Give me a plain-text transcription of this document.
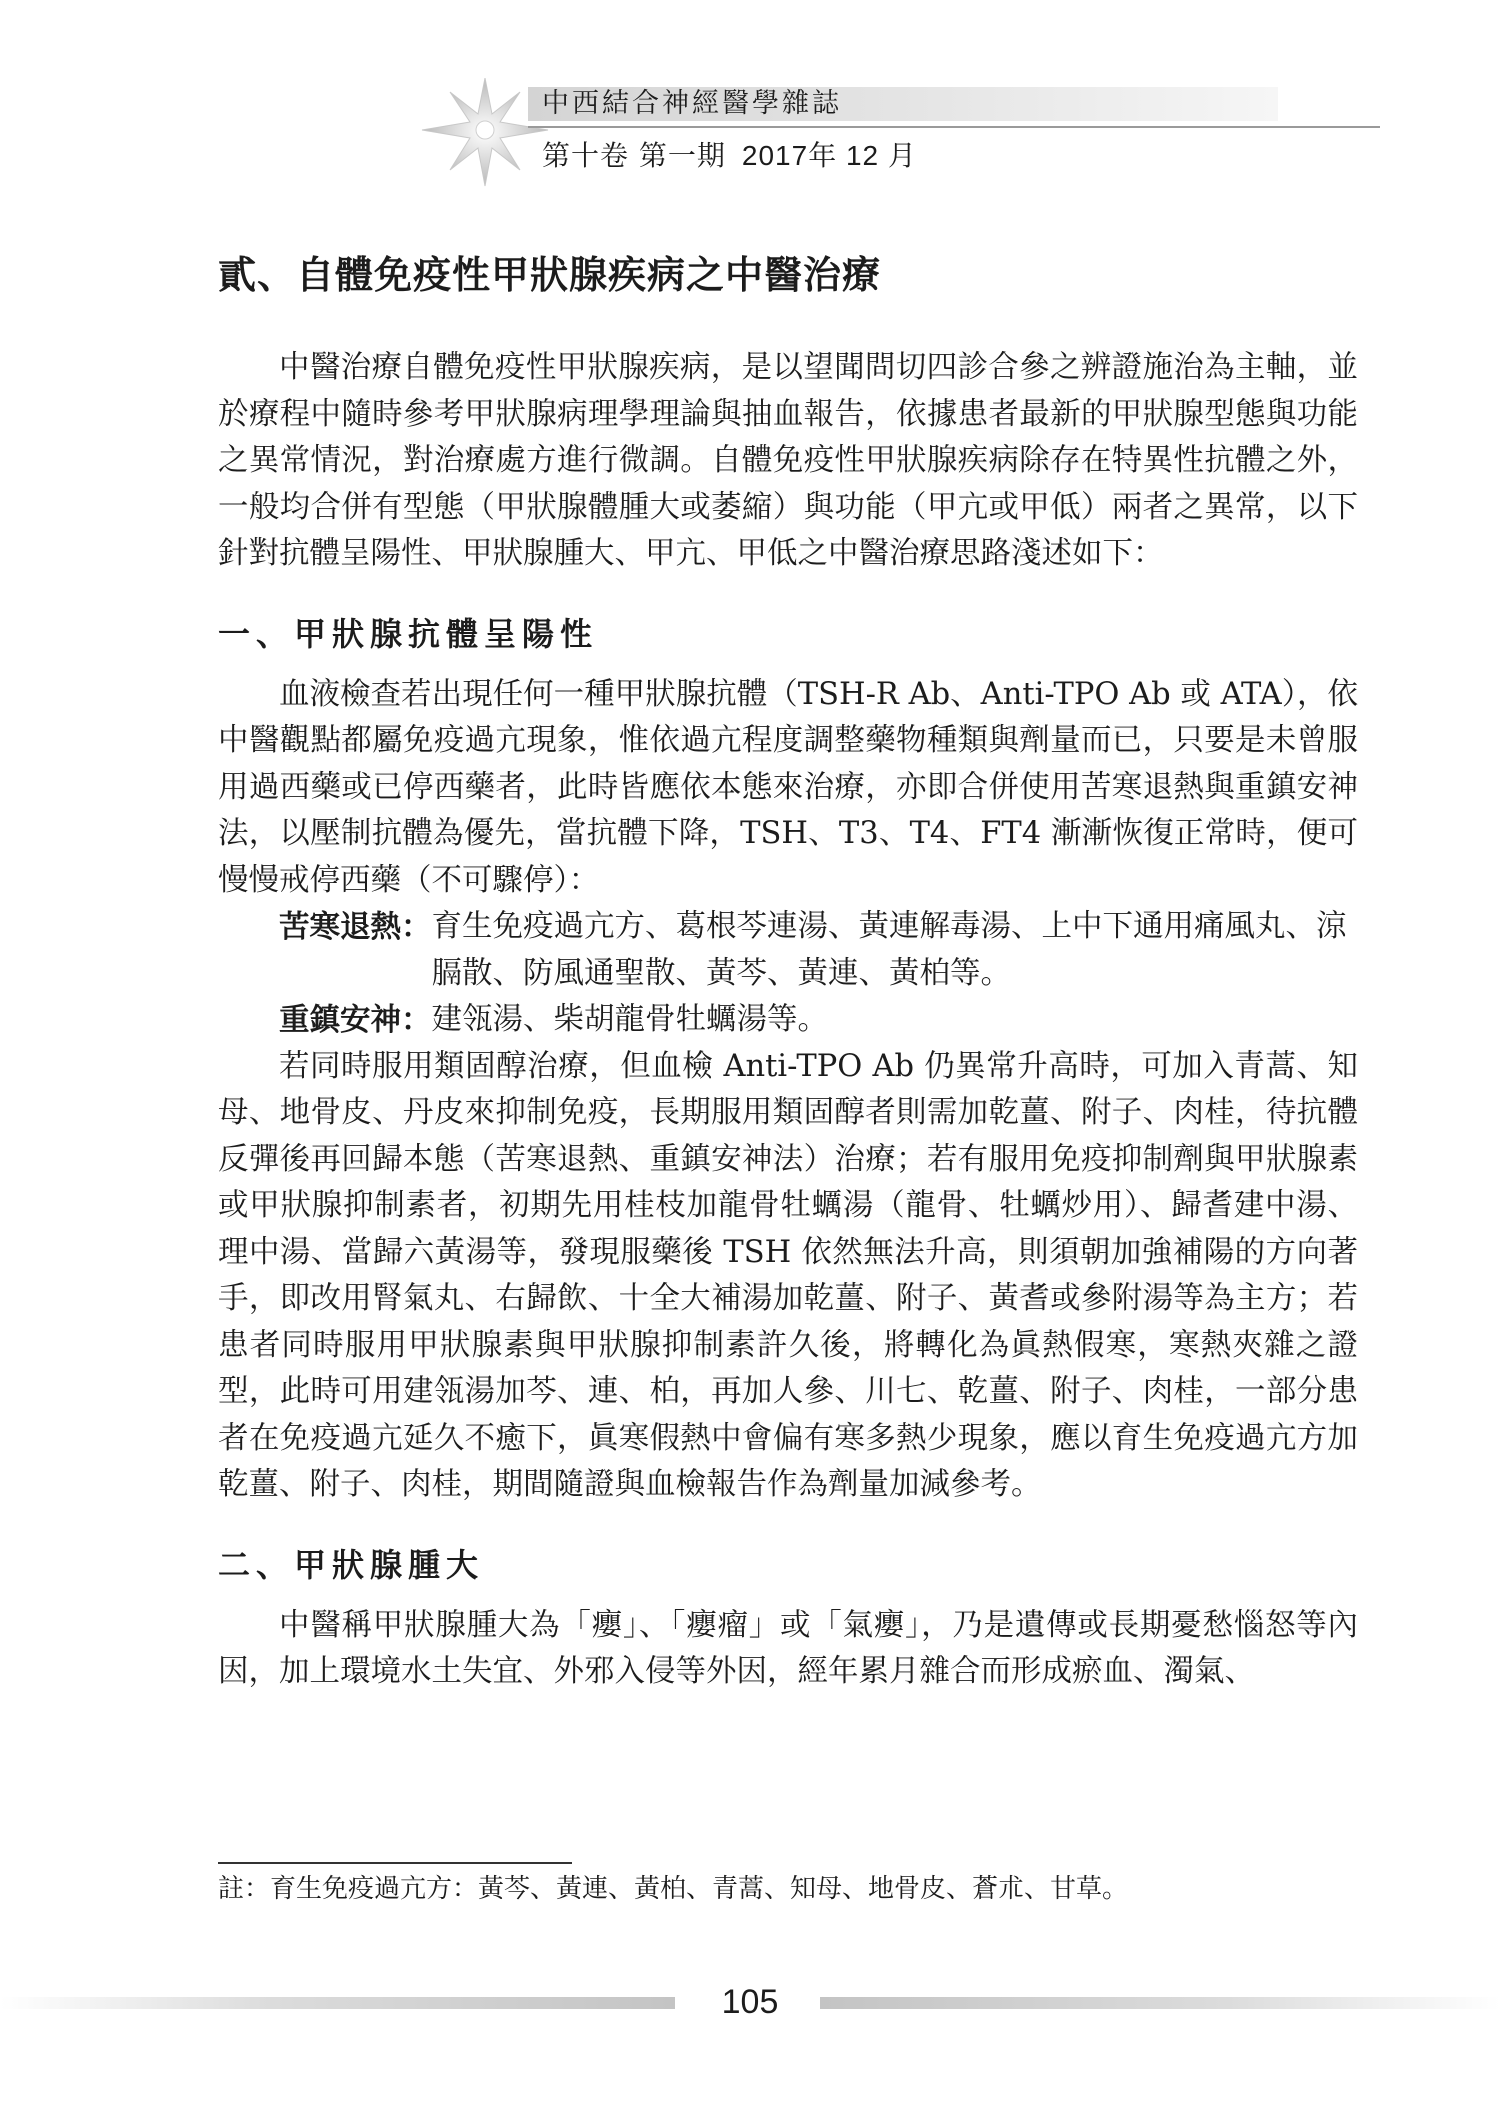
中西結合神經醫學雜誌
第十卷 第一期 2017年 12 月
貳、自體免疫性甲狀腺疾病之中醫治療

中醫治療自體免疫性甲狀腺疾病，是以望聞問切四診合參之辨證施治為主軸，並於療程中隨時參考甲狀腺病理學理論與抽血報告，依據患者最新的甲狀腺型態與功能之異常情況，對治療處方進行微調。自體免疫性甲狀腺疾病除存在特異性抗體之外，一般均合併有型態（甲狀腺體腫大或萎縮）與功能（甲亢或甲低）兩者之異常，以下針對抗體呈陽性、甲狀腺腫大、甲亢、甲低之中醫治療思路淺述如下：

一、甲狀腺抗體呈陽性

血液檢查若出現任何一種甲狀腺抗體（TSH-R Ab、Anti-TPO Ab 或 ATA），依中醫觀點都屬免疫過亢現象，惟依過亢程度調整藥物種類與劑量而已，只要是未曾服用過西藥或已停西藥者，此時皆應依本態來治療，亦即合併使用苦寒退熱與重鎮安神法，以壓制抗體為優先，當抗體下降，TSH、T3、T4、FT4 漸漸恢復正常時，便可慢慢戒停西藥（不可驟停）：

苦寒退熱： 育生免疫過亢方、葛根芩連湯、黃連解毒湯、上中下通用痛風丸、涼膈散、防風通聖散、黃芩、黃連、黃柏等。
重鎮安神： 建瓴湯、柴胡龍骨牡蠣湯等。

若同時服用類固醇治療，但血檢 Anti-TPO Ab 仍異常升高時，可加入青蒿、知母、地骨皮、丹皮來抑制免疫，長期服用類固醇者則需加乾薑、附子、肉桂，待抗體反彈後再回歸本態（苦寒退熱、重鎮安神法）治療；若有服用免疫抑制劑與甲狀腺素或甲狀腺抑制素者，初期先用桂枝加龍骨牡蠣湯（龍骨、牡蠣炒用）、歸耆建中湯、理中湯、當歸六黃湯等，發現服藥後 TSH 依然無法升高，則須朝加強補陽的方向著手，即改用腎氣丸、右歸飲、十全大補湯加乾薑、附子、黃耆或參附湯等為主方；若患者同時服用甲狀腺素與甲狀腺抑制素許久後，將轉化為眞熱假寒，寒熱夾雜之證型，此時可用建瓴湯加芩、連、柏，再加人參、川七、乾薑、附子、肉桂，一部分患者在免疫過亢延久不癒下，眞寒假熱中會偏有寒多熱少現象，應以育生免疫過亢方加乾薑、附子、肉桂，期間隨證與血檢報告作為劑量加減參考。

二、甲狀腺腫大

中醫稱甲狀腺腫大為「癭」、「癭瘤」或「氣癭」，乃是遺傳或長期憂愁惱怒等內因，加上環境水土失宜、外邪入侵等外因，經年累月雜合而形成瘀血、濁氣、

註：育生免疫過亢方：黃芩、黃連、黃柏、青蒿、知母、地骨皮、蒼朮、甘草。
105
